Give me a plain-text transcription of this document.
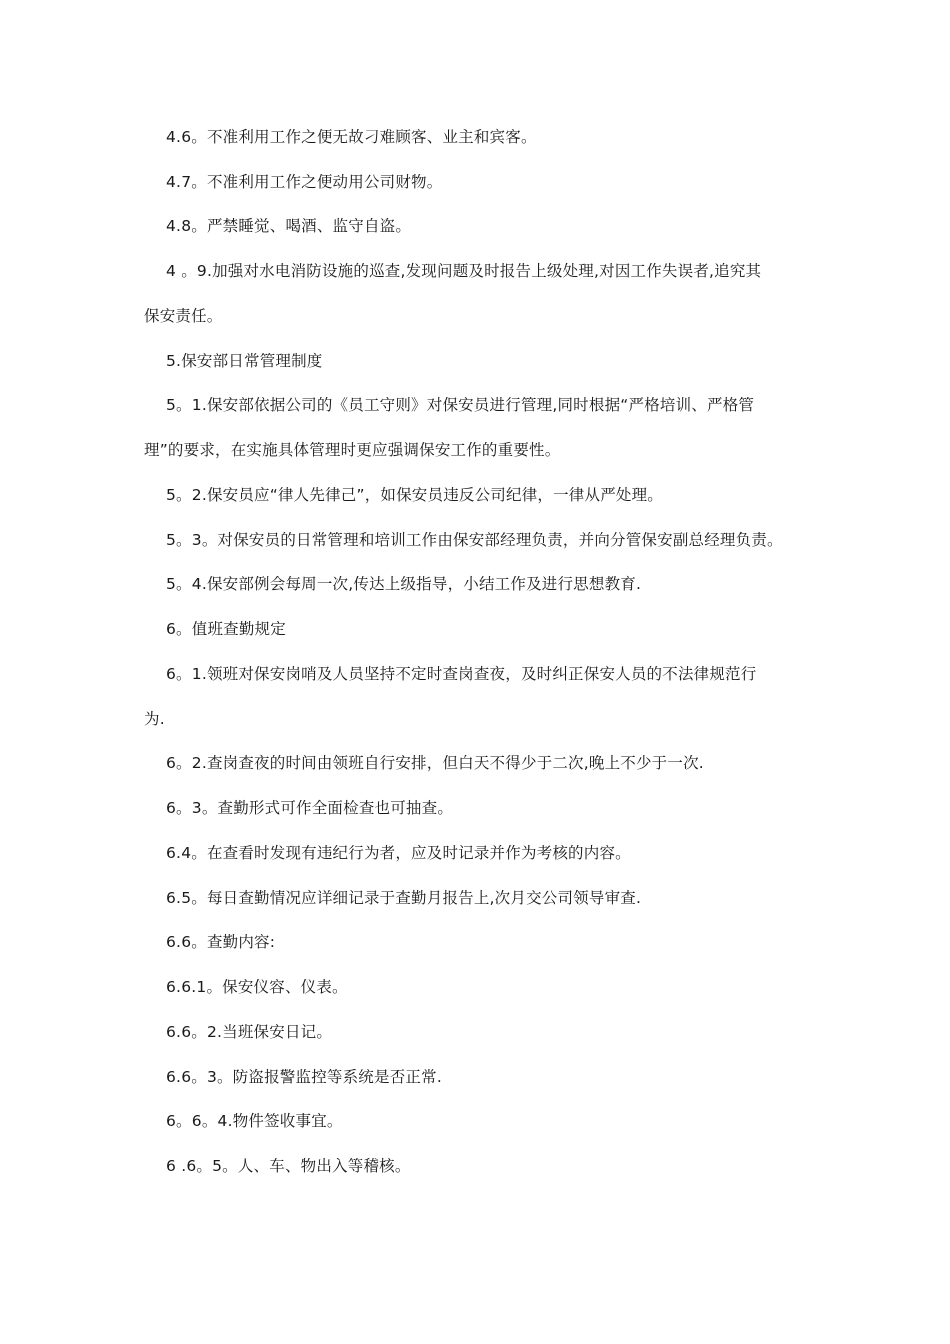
4.6。不准利用工作之便无故刁难顾客、业主和宾客。
4.7。不准利用工作之便动用公司财物。
4.8。严禁睡觉、喝酒、监守自盗。
4 。9.加强对水电消防设施的巡查,发现问题及时报告上级处理,对因工作失误者,追究其
保安责任。
5.保安部日常管理制度
5。1.保安部依据公司的《员工守则》对保安员进行管理,同时根据“严格培训、严格管
理”的要求，在实施具体管理时更应强调保安工作的重要性。
5。2.保安员应“律人先律己”，如保安员违反公司纪律，一律从严处理。
5。3。对保安员的日常管理和培训工作由保安部经理负责，并向分管保安副总经理负责。
5。4.保安部例会每周一次,传达上级指导，小结工作及进行思想教育.
6。值班查勤规定
6。1.领班对保安岗哨及人员坚持不定时查岗查夜，及时纠正保安人员的不法律规范行
为.
6。2.查岗查夜的时间由领班自行安排，但白天不得少于二次,晚上不少于一次.
6。3。查勤形式可作全面检查也可抽查。
6.4。在查看时发现有违纪行为者，应及时记录并作为考核的内容。
6.5。每日查勤情况应详细记录于查勤月报告上,次月交公司领导审查.
6.6。查勤内容:
6.6.1。保安仪容、仪表。
6.6。2.当班保安日记。
6.6。3。防盗报警监控等系统是否正常.
6。6。4.物件签收事宜。
6 .6。5。人、车、物出入等稽核。
